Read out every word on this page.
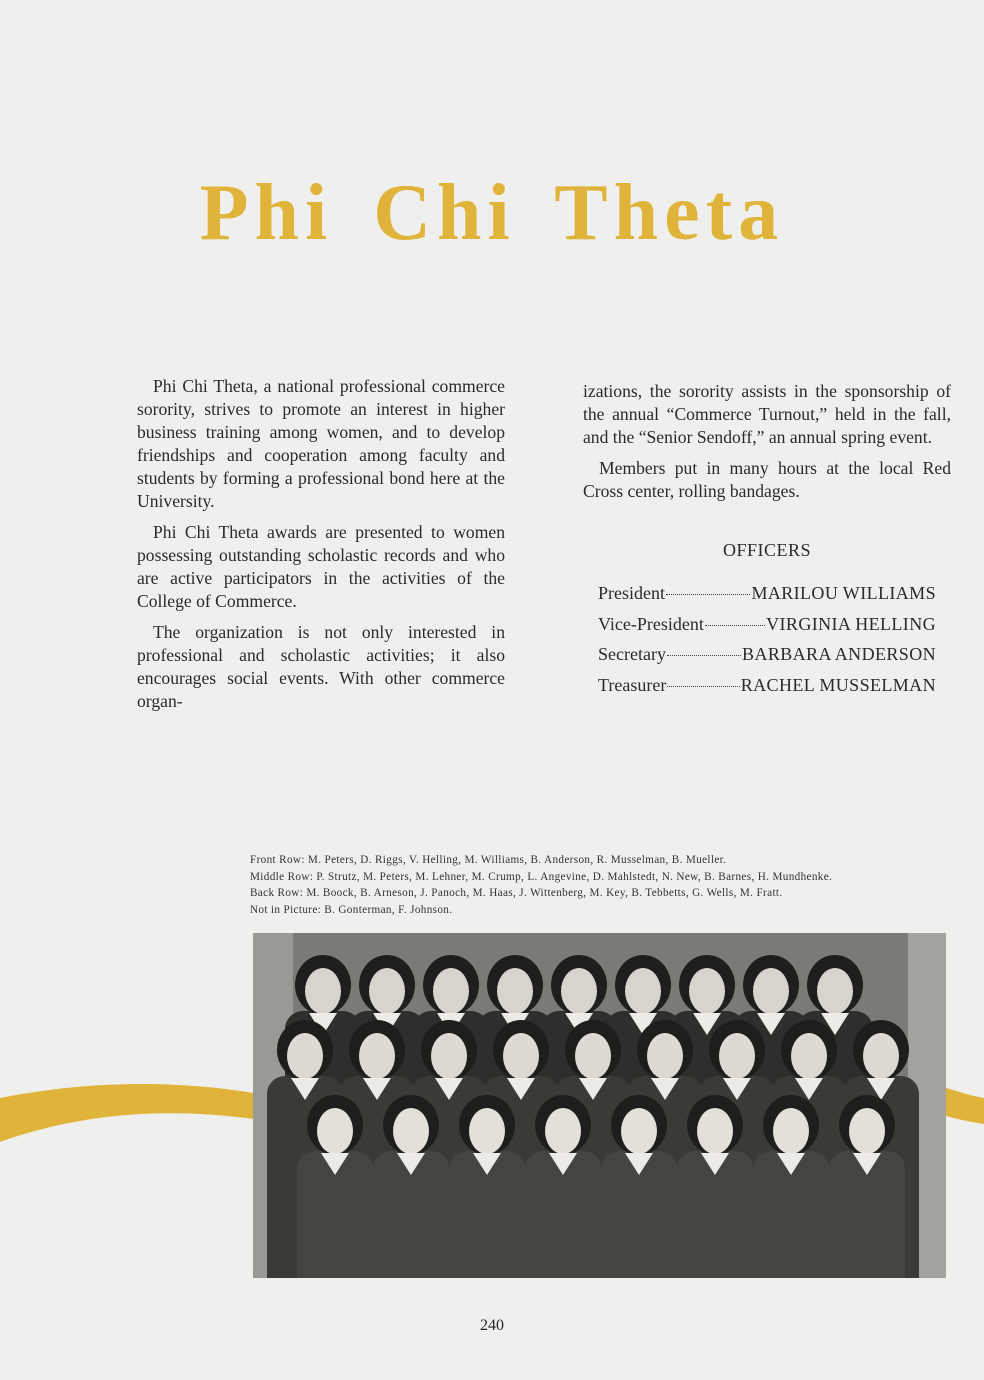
Phi Chi Theta

Phi Chi Theta, a national professional commerce sorority, strives to promote an interest in higher business training among women, and to develop friendships and cooperation among faculty and students by forming a professional bond here at the University.

Phi Chi Theta awards are presented to women possessing outstanding scholastic records and who are active participators in the activities of the College of Commerce.

The organization is not only interested in professional and scholastic activities; it also encourages social events. With other commerce organ-

izations, the sorority assists in the sponsorship of the annual “Commerce Turnout,” held in the fall, and the “Senior Sendoff,” an annual spring event.

Members put in many hours at the local Red Cross center, rolling bandages.

OFFICERS
President	MARILOU WILLIAMS
Vice-President	VIRGINIA HELLING
Secretary	BARBARA ANDERSON
Treasurer	RACHEL MUSSELMAN
Front Row: M. Peters, D. Riggs, V. Helling, M. Williams, B. Anderson, R. Musselman, B. Mueller.
Middle Row: P. Strutz, M. Peters, M. Lehner, M. Crump, L. Angevine, D. Mahlstedt, N. New, B. Barnes, H. Mundhenke.
Back Row: M. Boock, B. Arneson, J. Panoch, M. Haas, J. Wittenberg, M. Key, B. Tebbetts, G. Wells, M. Fratt.
Not in Picture: B. Gonterman, F. Johnson.
240
